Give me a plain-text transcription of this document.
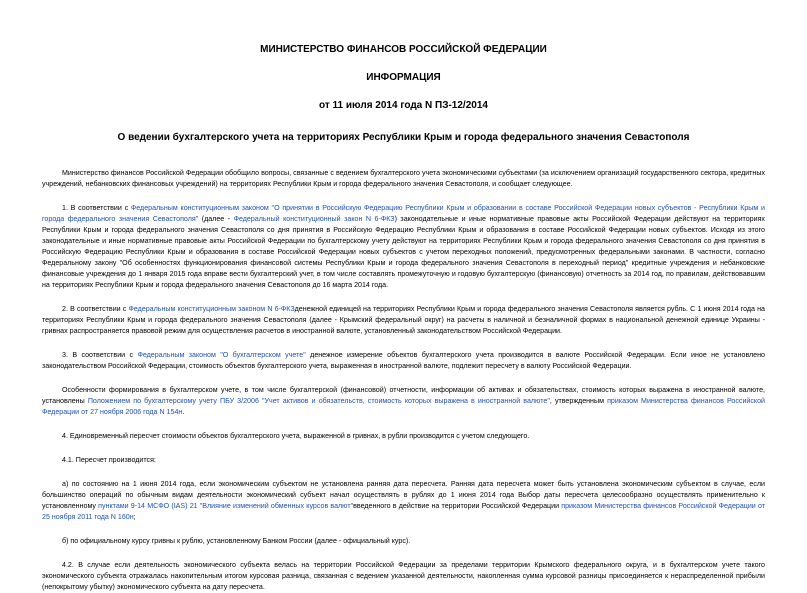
МИНИСТЕРСТВО ФИНАНСОВ РОССИЙСКОЙ ФЕДЕРАЦИИ
ИНФОРМАЦИЯ
от 11 июля 2014 года N ПЗ-12/2014
О ведении бухгалтерского учета на территориях Республики Крым и города федерального значения Севастополя

Министерство финансов Российской Федерации обобщило вопросы, связанные с ведением бухгалтерского учета экономическими субъектами (за исключением организаций государственного сектора, кредитных учреждений, небанковских финансовых учреждений) на территориях Республики Крым и города федерального значения Севастополя, и сообщает следующее.

1. В соответствии с Федеральным конституционным законом "О принятии в Российскую Федерацию Республики Крым и образовании в составе Российской Федерации новых субъектов - Республики Крым и города федерального значения Севастополя" (далее - Федеральный конституционный закон N 6-ФКЗ) законодательные и иные нормативные правовые акты Российской Федерации действуют на территориях Республики Крым и города федерального значения Севастополя со дня принятия в Российскую Федерацию Республики Крым и образования в составе Российской Федерации новых субъектов. Исходя из этого законодательные и иные нормативные правовые акты Российской Федерации по бухгалтерскому учету действуют на территориях Республики Крым и города федерального значения Севастополя со дня принятия в Российскую Федерацию Республики Крым и образования в составе Российской Федерации новых субъектов с учетом переходных положений, предусмотренных федеральными законами. В частности, согласно Федеральному закону "Об особенностях функционирования финансовой системы Республики Крым и города федерального значения Севастополя в переходный период" кредитные учреждения и небанковские финансовые учреждения до 1 января 2015 года вправе вести бухгалтерский учет, в том числе составлять промежуточную и годовую бухгалтерскую (финансовую) отчетность за 2014 год, по правилам, действовавшим на территориях Республики Крым и города федерального значения Севастополя до 16 марта 2014 года.

2. В соответствии с Федеральным конституционным законом N 6-ФКЗденежной единицей на территориях Республики Крым и города федерального значения Севастополя является рубль. С 1 июня 2014 года на территориях Республики Крым и города федерального значения Севастополя (далее - Крымский федеральный округ) на расчеты в наличной и безналичной формах в национальной денежной единице Украины - гривнах распространяется правовой режим для осуществления расчетов в иностранной валюте, установленный законодательством Российской Федерации.

3. В соответствии с Федеральным законом "О бухгалтерском учете" денежное измерение объектов бухгалтерского учета производится в валюте Российской Федерации. Если иное не установлено законодательством Российской Федерации, стоимость объектов бухгалтерского учета, выраженная в иностранной валюте, подлежит пересчету в валюту Российской Федерации.

Особенности формирования в бухгалтерском учете, в том числе бухгалтерской (финансовой) отчетности, информации об активах и обязательствах, стоимость которых выражена в иностранной валюте, установлены Положением по бухгалтерскому учету ПБУ 3/2006 "Учет активов и обязательств, стоимость которых выражена в иностранной валюте", утвержденным приказом Министерства финансов Российской Федерации от 27 ноября 2006 года N 154н.

4. Единовременный пересчет стоимости объектов бухгалтерского учета, выраженной в гривнах, в рубли производится с учетом следующего.

4.1. Пересчет производится:

а) по состоянию на 1 июня 2014 года, если экономическим субъектом не установлена ранняя дата пересчета. Ранняя дата пересчета может быть установлена экономическим субъектом в случае, если большинство операций по обычным видам деятельности экономический субъект начал осуществлять в рублях до 1 июня 2014 года Выбор даты пересчета целесообразно осуществлять применительно к установленному пунктами 9-14 МСФО (IAS) 21 "Влияние изменений обменных курсов валют"введенного в действие на территории Российской Федерации приказом Министерства финансов Российской Федерации от 25 ноября 2011 года N 160н;

б) по официальному курсу гривны к рублю, установленному Банком России (далее - официальный курс).

4.2. В случае если деятельность экономического субъекта велась на территории Российской Федерации за пределами территории Крымского федерального округа, и в бухгалтерском учете такого экономического субъекта отражалась накопительным итогом курсовая разница, связанная с ведением указанной деятельности, накопленная сумма курсовой разницы присоединяется к нераспределенной прибыли (непокрытому убытку) экономического субъекта на дату пересчета.
